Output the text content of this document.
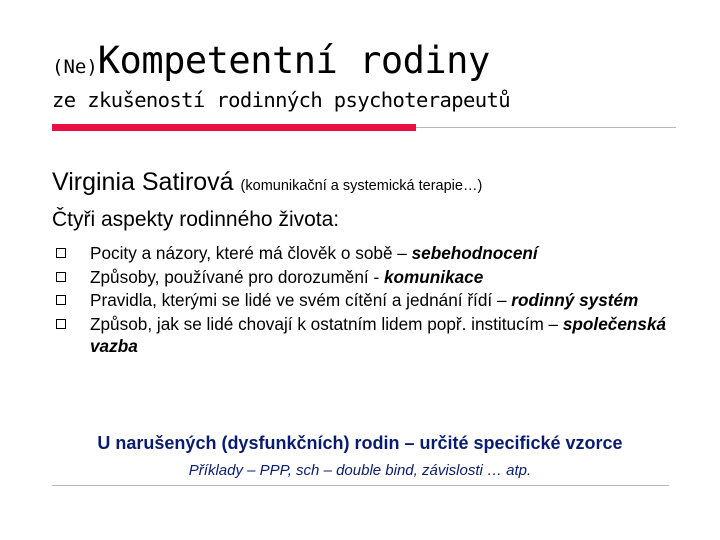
(Ne)Kompetentní rodiny
ze zkušeností rodinných psychoterapeutů
Virginia Satirová (komunikační a systemická terapie…)
Čtyři aspekty rodinného života:
Pocity a názory, které má člověk o sobě – sebehodnocení
Způsoby, používané pro dorozumění - komunikace
Pravidla, kterými se lidé ve svém cítění a jednání řídí – rodinný systém
Způsob, jak se lidé chovají k ostatním lidem popř. institucím – společenská vazba
U narušených (dysfunkčních) rodin – určité specifické vzorce
Příklady – PPP, sch – double bind, závislosti … atp.
